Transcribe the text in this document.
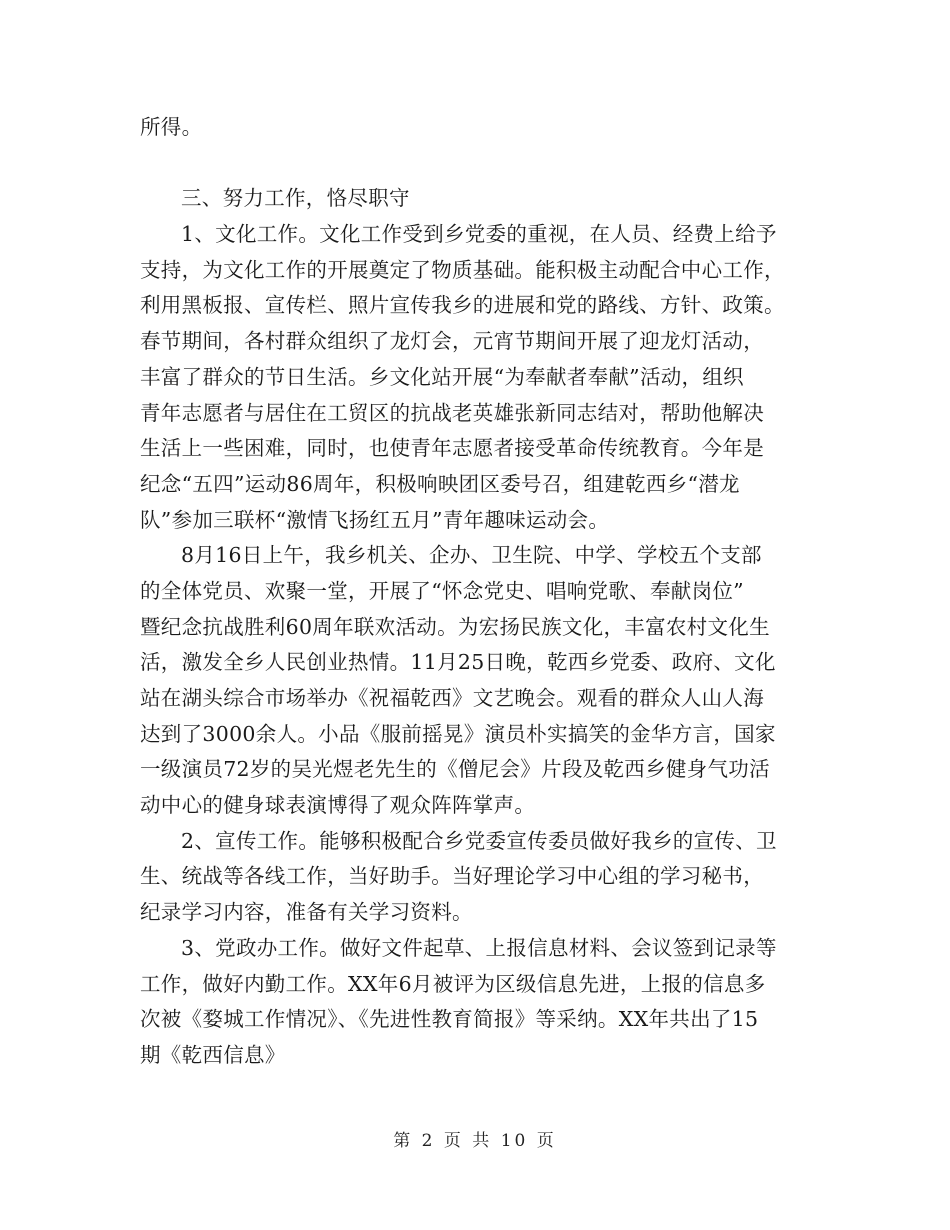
所得。
三、努力工作，恪尽职守
1、文化工作。文化工作受到乡党委的重视，在人员、经费上给予
支持，为文化工作的开展奠定了物质基础。能积极主动配合中心工作，
利用黑板报、宣传栏、照片宣传我乡的进展和党的路线、方针、政策。
春节期间，各村群众组织了龙灯会，元宵节期间开展了迎龙灯活动，
丰富了群众的节日生活。乡文化站开展“为奉献者奉献”活动，组织
青年志愿者与居住在工贸区的抗战老英雄张新同志结对，帮助他解决
生活上一些困难，同时，也使青年志愿者接受革命传统教育。今年是
纪念“五四”运动86周年，积极响映团区委号召，组建乾西乡“潜龙
队”参加三联杯“激情飞扬红五月”青年趣味运动会。
8月16日上午，我乡机关、企办、卫生院、中学、学校五个支部
的全体党员、欢聚一堂，开展了“怀念党史、唱响党歌、奉献岗位”
暨纪念抗战胜利60周年联欢活动。为宏扬民族文化，丰富农村文化生
活，激发全乡人民创业热情。11月25日晚，乾西乡党委、政府、文化
站在湖头综合市场举办《祝福乾西》文艺晚会。观看的群众人山人海
达到了3000余人。小品《服前摇晃》演员朴实搞笑的金华方言，国家
一级演员72岁的吴光煜老先生的《僧尼会》片段及乾西乡健身气功活
动中心的健身球表演博得了观众阵阵掌声。
2、宣传工作。能够积极配合乡党委宣传委员做好我乡的宣传、卫
生、统战等各线工作，当好助手。当好理论学习中心组的学习秘书，
纪录学习内容，准备有关学习资料。
3、党政办工作。做好文件起草、上报信息材料、会议签到记录等
工作，做好内勤工作。XX年6月被评为区级信息先进，上报的信息多
次被《婺城工作情况》、《先进性教育简报》等采纳。XX年共出了15
期《乾西信息》
第 2 页 共 10 页
